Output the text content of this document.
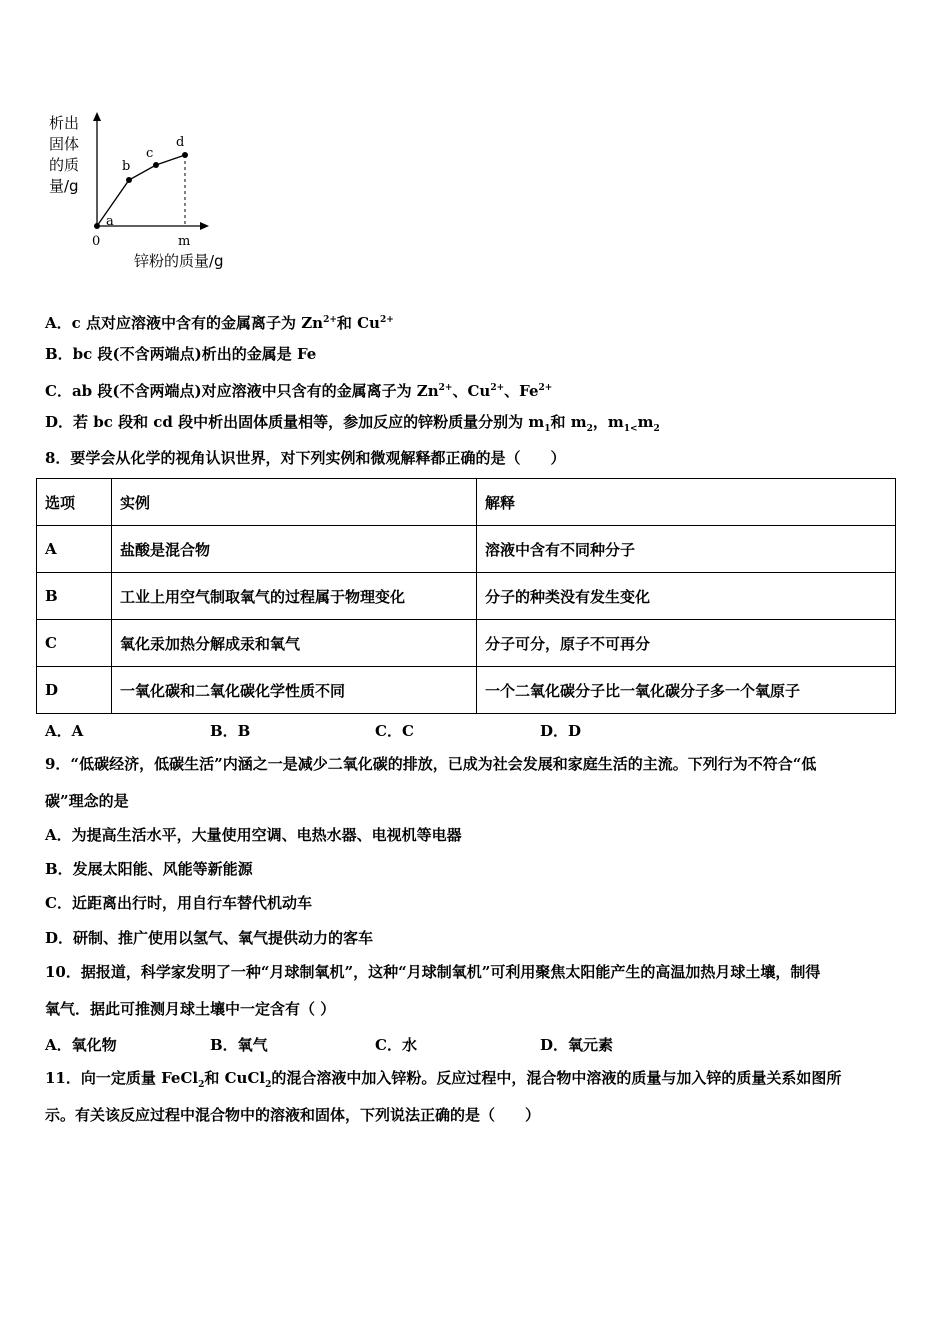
析出
固体
的质
量/g
a
b
c
d
0	m
锌粉的质量/g
A．c 点对应溶液中含有的金属离子为 $Zn^{2+}$和 $Cu^{2+}$
B．bc 段(不含两端点)析出的金属是 Fe
C．ab 段(不含两端点)对应溶液中只含有的金属离子为 $Zn^{2+}$、$Cu^{2+}$、$Fe^{2+}$
D．若 bc 段和 cd 段中析出固体质量相等，参加反应的锌粉质量分别为 $m_1$和 $m_2$，$m_{1<}m_2$
8．要学会从化学的视角认识世界，对下列实例和微观解释都正确的是（　　）
选项	实例	解释
A	盐酸是混合物	溶液中含有不同种分子
B	工业上用空气制取氧气的过程属于物理变化	分子的种类没有发生变化
C	氧化汞加热分解成汞和氧气	分子可分，原子不可再分
D	一氧化碳和二氧化碳化学性质不同	一个二氧化碳分子比一氧化碳分子多一个氧原子
A．A	B．B	C．C	D．D
9．“低碳经济，低碳生活”内涵之一是减少二氧化碳的排放，已成为社会发展和家庭生活的主流。下列行为不符合“低
碳”理念的是
A．为提高生活水平，大量使用空调、电热水器、电视机等电器
B．发展太阳能、风能等新能源
C．近距离出行时，用自行车替代机动车
D．研制、推广使用以氢气、氧气提供动力的客车
10．据报道，科学家发明了一种“月球制氧机”，这种“月球制氧机”可利用聚焦太阳能产生的高温加热月球土壤，制得
氧气．据此可推测月球土壤中一定含有（ ）
A．氧化物	B．氧气	C．水	D．氧元素
11．向一定质量 FeCl$_2$和 CuCl$_2$的混合溶液中加入锌粉。反应过程中，混合物中溶液的质量与加入锌的质量关系如图所
示。有关该反应过程中混合物中的溶液和固体，下列说法正确的是（　　）
